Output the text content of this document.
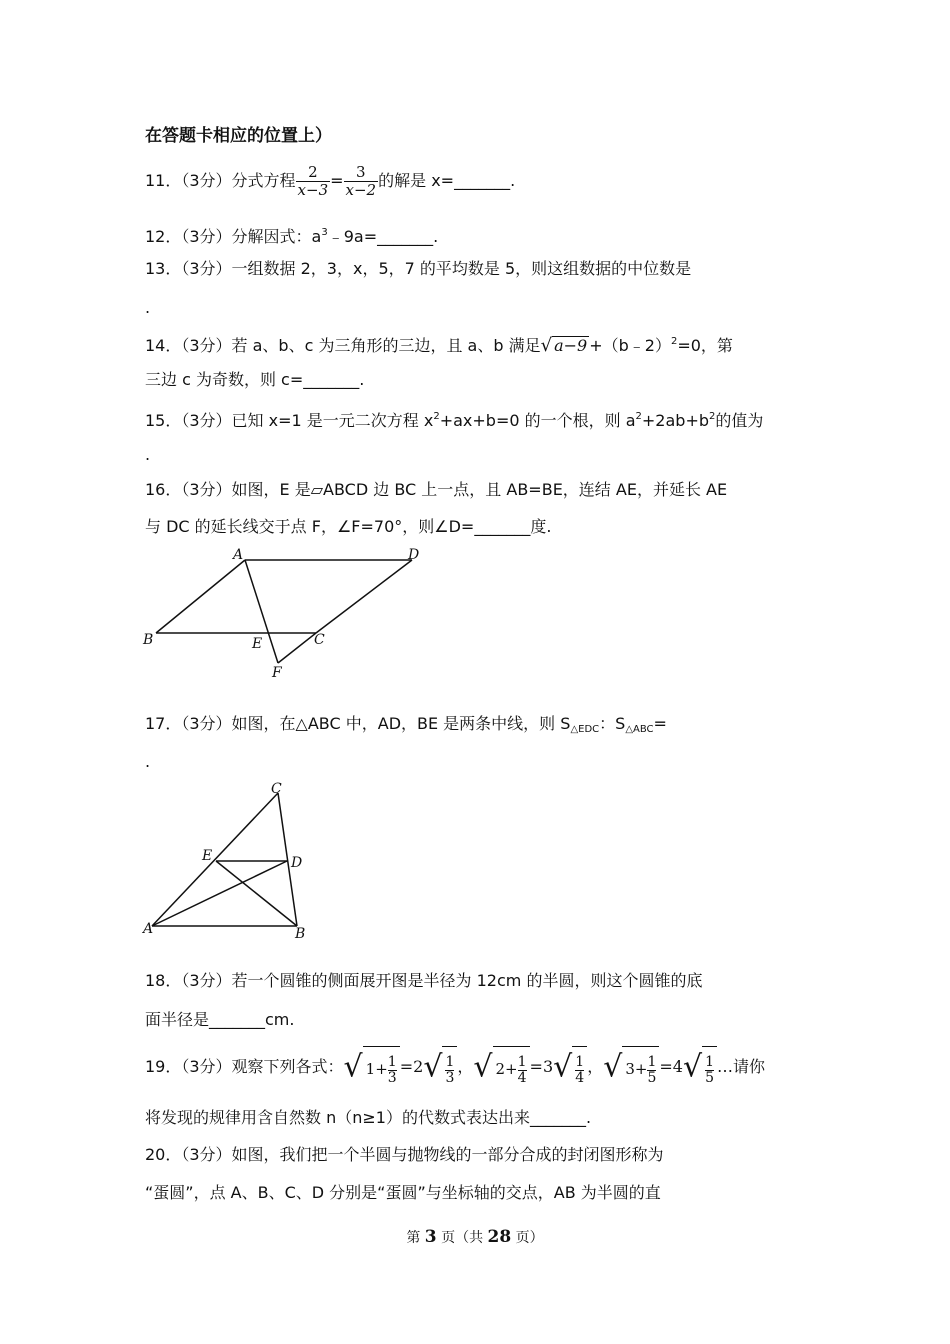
在答题卡相应的位置上）
11．（3分）分式方程 $\frac{2}{x-3} = \frac{3}{x-2}$ 的解是 x=_______.
12．（3分）分解因式：$a^3﹣9a=\_\_\_\_\_\_\_$.
13．（3分）一组数据 2，3，x，5，7 的平均数是 5，则这组数据的中位数是
.
14．（3分）若 a、b、c 为三角形的三边，且 a、b 满足√ a−9 +（b﹣2）$^2$=0，第
三边 c 为奇数，则 c=_______.
15．（3分）已知 x=1 是一元二次方程 $x^2+ax+b=0$ 的一个根，则 $a^2+2ab+b^2$的值为
.
16．（3分）如图，E 是▱ABCD 边 BC 上一点，且 AB=BE，连结 AE，并延长 AE
与 DC 的延长线交于点 F，∠F=70°，则∠D=_______度.
A	D
B	E	C
F
17．（3分）如图，在△ABC 中，AD，BE 是两条中线，则 $S_{\triangle EDC}$：$S_{\triangle ABC}=$
.
C
E	D
A	B
18．（3分）若一个圆锥的侧面展开图是半径为 12cm 的半圆，则这个圆锥的底
面半径是_______cm.
19．（3分）观察下列各式：√ $1+ \frac{1}{3} =2√ \frac{1}{3}$ ，√ $2+ \frac{1}{4} =3√ \frac{1}{4}$ ，√ $3+ \frac{1}{5} =4√ \frac{1}{5}$ …请你
将发现的规律用含自然数 n（n≥1）的代数式表达出来_______.
20．（3分）如图，我们把一个半圆与抛物线的一部分合成的封闭图形称为
“蛋圆”，点 A、B、C、D 分别是“蛋圆”与坐标轴的交点，AB 为半圆的直
第 3 页（共 28 页）
